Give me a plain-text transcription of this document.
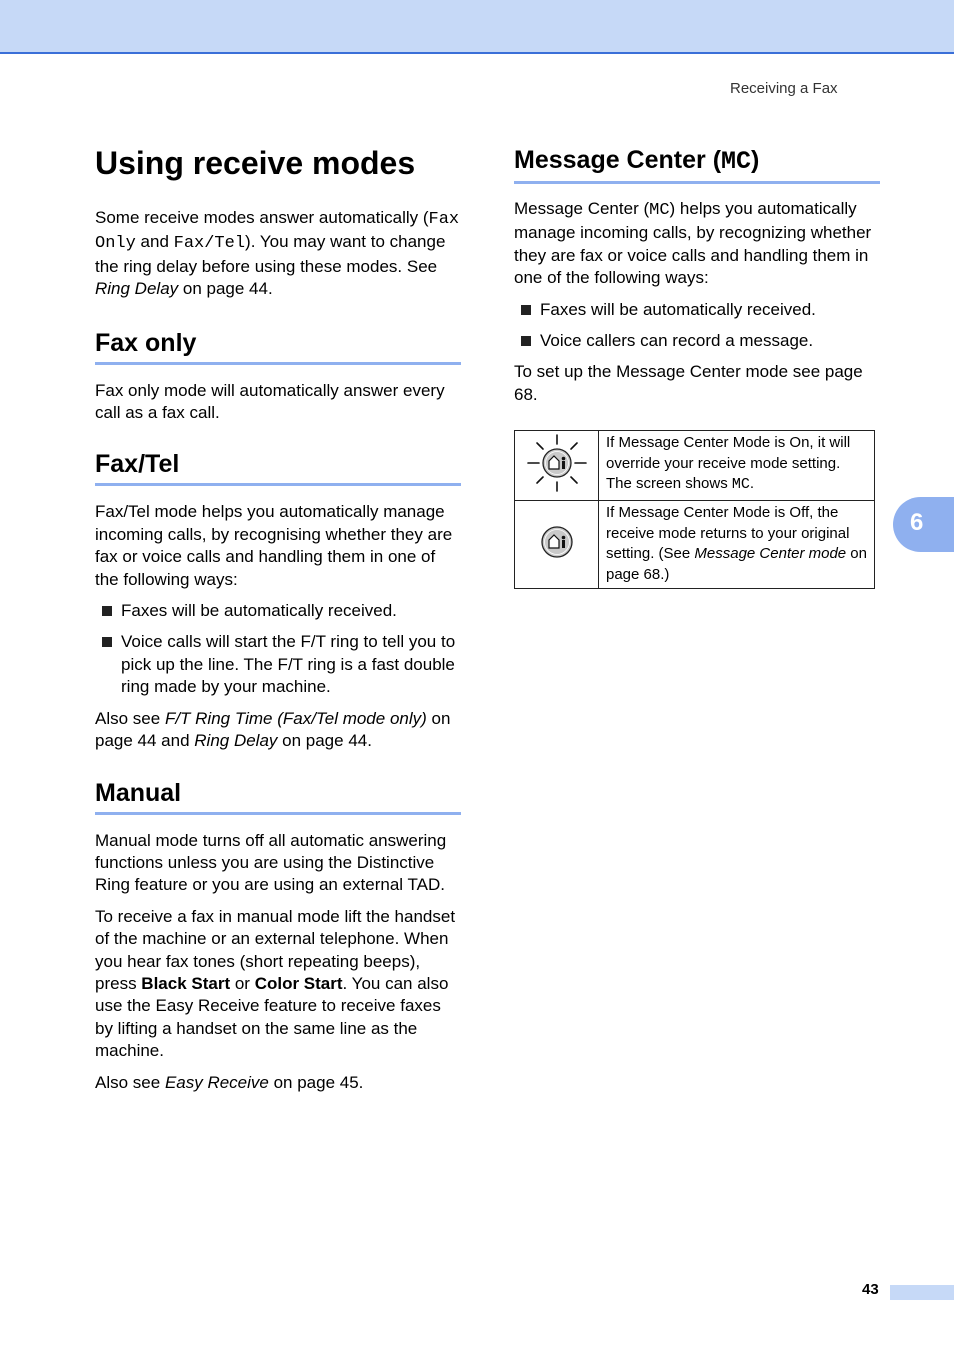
Receiving a Fax
Using receive modes

Some receive modes answer automatically (Fax Only and Fax/Tel). You may want to change the ring delay before using these modes. See Ring Delay on page 44.

Fax only

Fax only mode will automatically answer every call as a fax call.

Fax/Tel

Fax/Tel mode helps you automatically manage incoming calls, by recognising whether they are fax or voice calls and handling them in one of the following ways:

Faxes will be automatically received.
Voice calls will start the F/T ring to tell you to pick up the line. The F/T ring is a fast double ring made by your machine.

Also see F/T Ring Time (Fax/Tel mode only) on page 44 and Ring Delay on page 44.

Manual

Manual mode turns off all automatic answering functions unless you are using the Distinctive Ring feature or you are using an external TAD.

To receive a fax in manual mode lift the handset of the machine or an external telephone. When you hear fax tones (short repeating beeps), press Black Start or Color Start. You can also use the Easy Receive feature to receive faxes by lifting a handset on the same line as the machine.

Also see Easy Receive on page 45.

Message Center (MC)

Message Center (MC) helps you automatically manage incoming calls, by recognizing whether they are fax or voice calls and handling them in one of the following ways:

Faxes will be automatically received.
Voice callers can record a message.

To set up the Message Center mode see page 68.

	If Message Center Mode is On, it will override your receive mode setting. The screen shows MC.
	If Message Center Mode is Off, the receive mode returns to your original setting. (See Message Center mode on page 68.)
6
43
